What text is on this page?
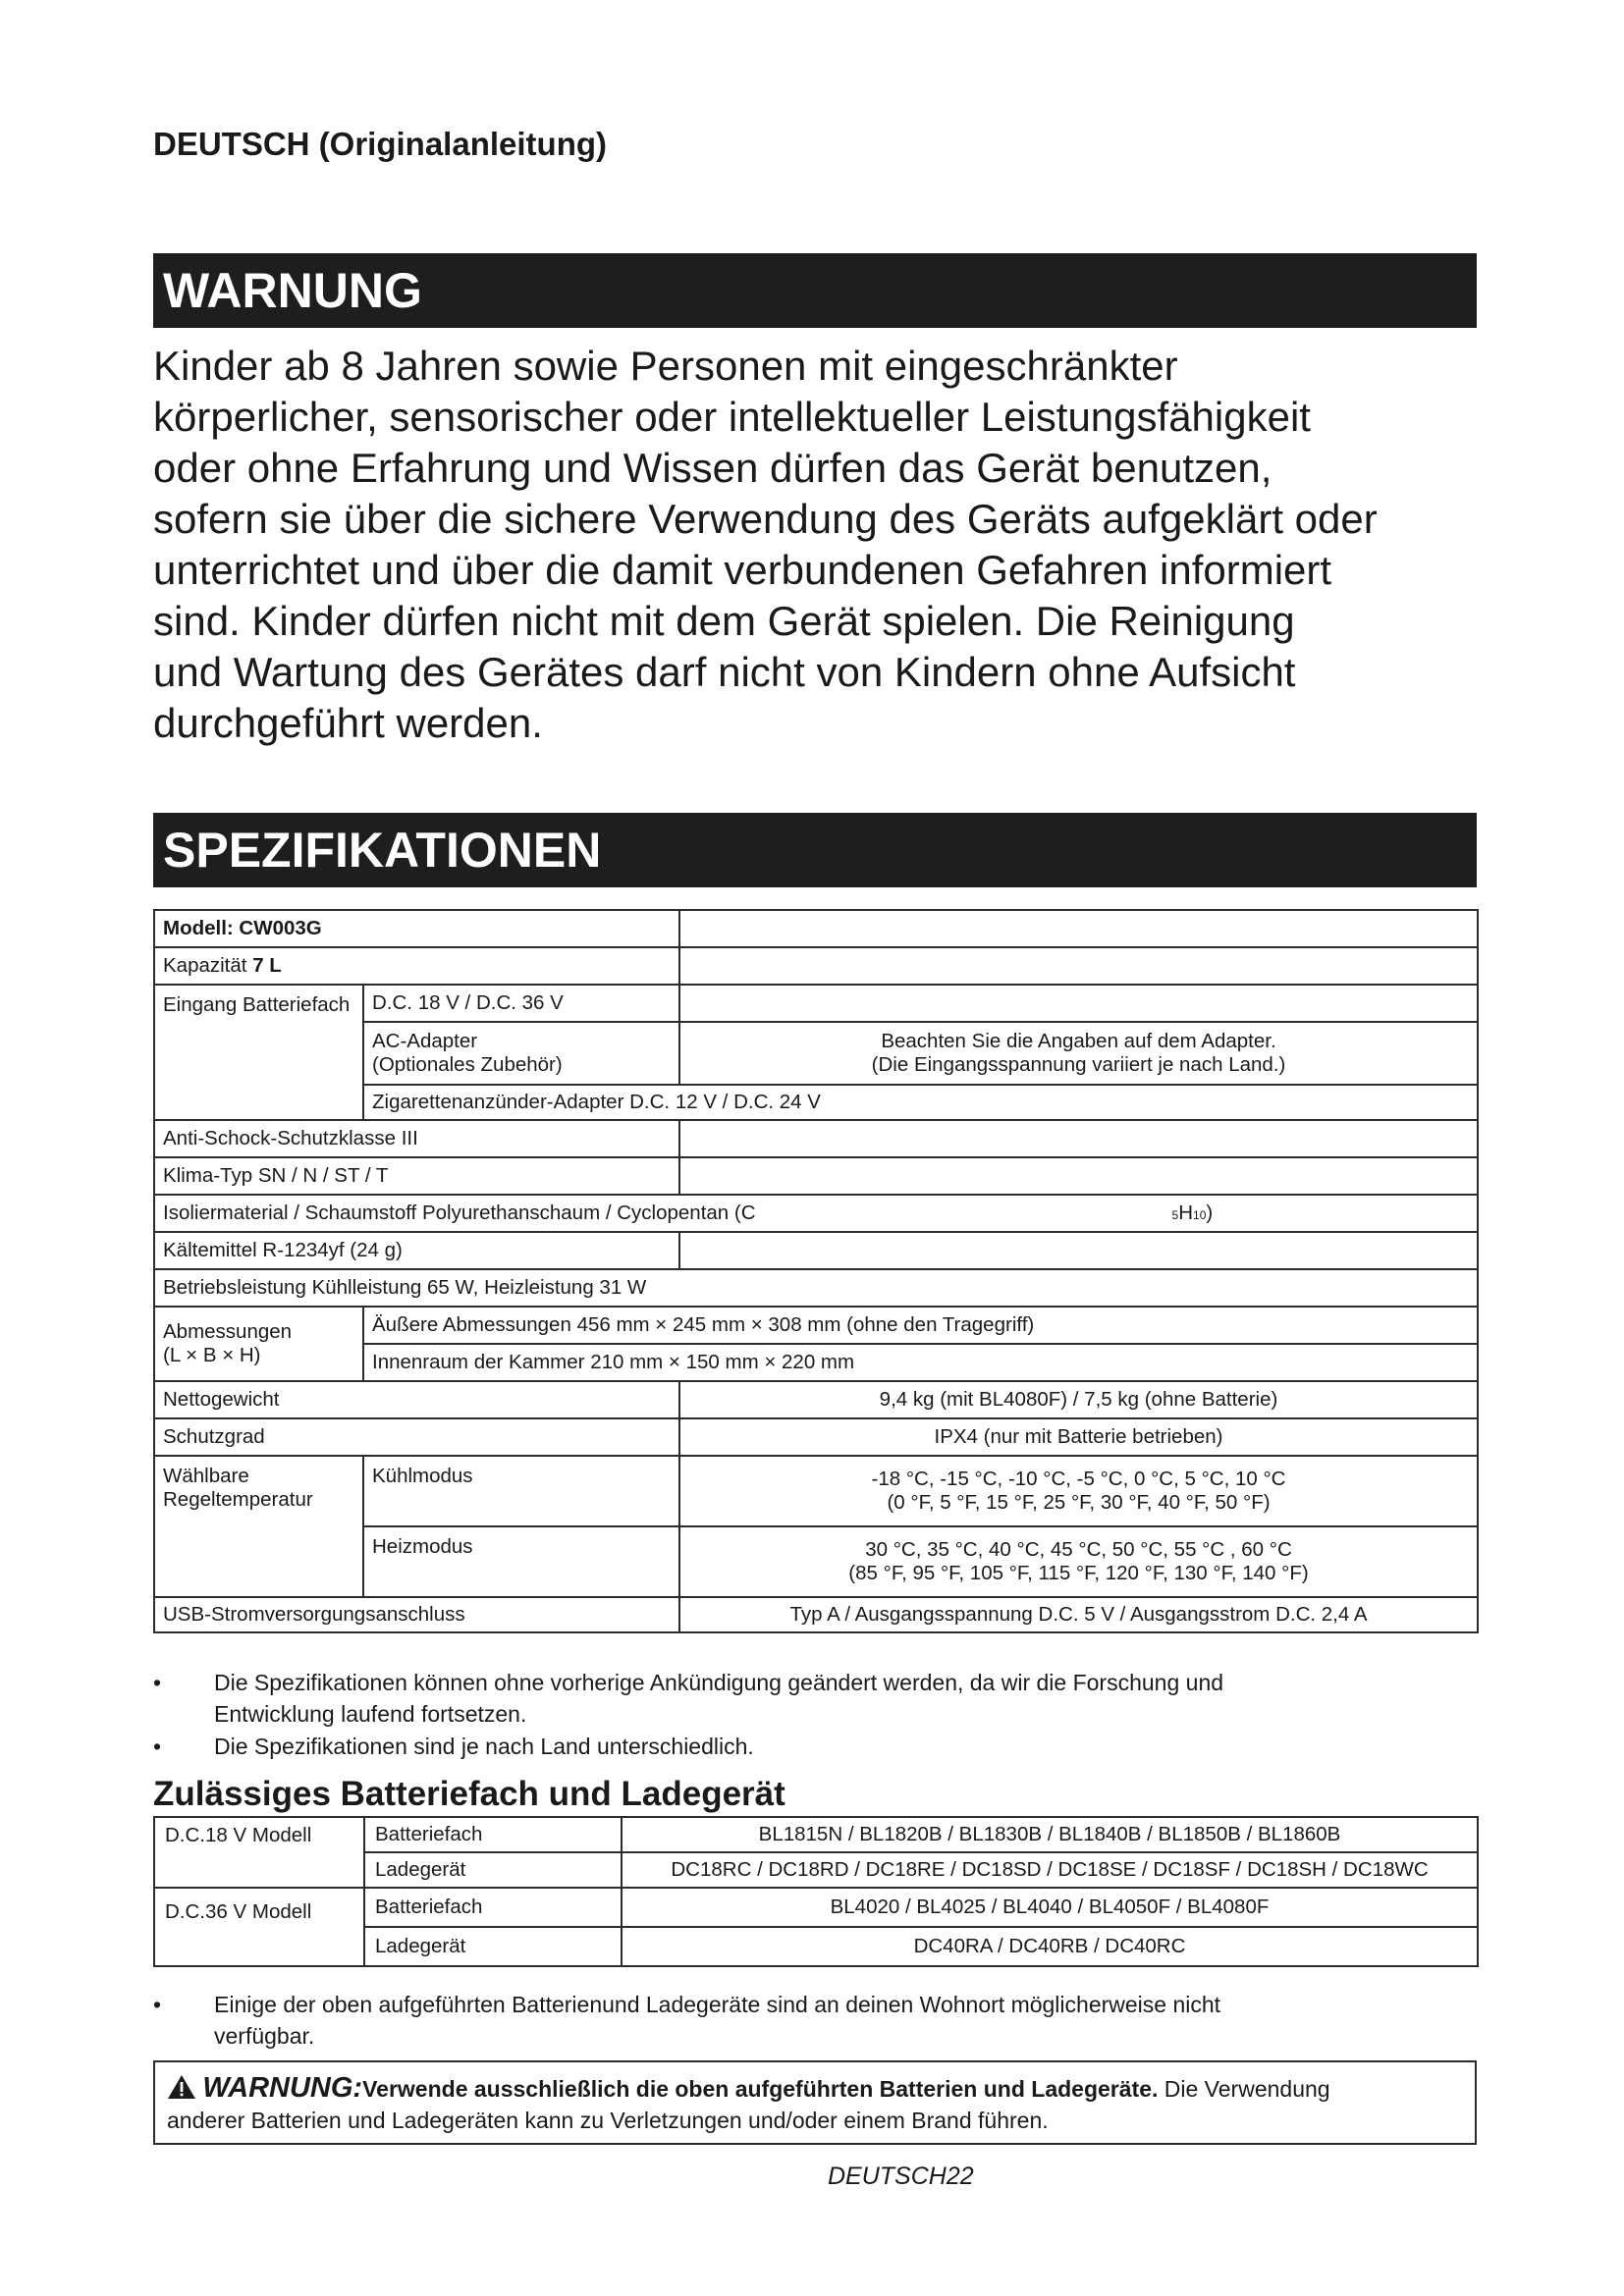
DEUTSCH (Originalanleitung)
WARNUNG

Kinder ab 8 Jahren sowie Personen mit eingeschränkter

körperlicher, sensorischer oder intellektueller Leistungsfähigkeit

oder ohne Erfahrung und Wissen dürfen das Gerät benutzen,

sofern sie über die sichere Verwendung des Geräts aufgeklärt oder

unterrichtet und über die damit verbundenen Gefahren informiert

sind. Kinder dürfen nicht mit dem Gerät spielen. Die Reinigung

und Wartung des Gerätes darf nicht von Kindern ohne Aufsicht

durchgeführt werden.

SPEZIFIKATIONEN
Modell: CW003G		
Kapazität 7 L		
Eingang Batteriefach	D.C. 18 V / D.C. 36 V	
	AC-Adapter
(Optionales Zubehör)	Beachten Sie die Angaben auf dem Adapter.
(Die Eingangsspannung variiert je nach Land.)
	Zigarettenanzünder-Adapter D.C. 12 V / D.C. 24 V	
Anti-Schock-Schutzklasse III		
Klima-Typ SN / N / ST / T		
Isoliermaterial / Schaumstoff Polyurethanschaum / Cyclopentan (C 5H10)		
Kältemittel R-1234yf (24 g)		
Betriebsleistung Kühlleistung 65 W, Heizleistung 31 W		
Abmessungen
(L × B × H)	Äußere Abmessungen 456 mm × 245 mm × 308 mm (ohne den Tragegriff)	
	Innenraum der Kammer 210 mm × 150 mm × 220 mm	
Nettogewicht		9,4 kg (mit BL4080F) / 7,5 kg (ohne Batterie)
Schutzgrad		IPX4 (nur mit Batterie betrieben)
Wählbare
Regeltemperatur	Kühlmodus	-18 °C, -15 °C, -10 °C, -5 °C, 0 °C, 5 °C, 10 °C
(0 °F, 5 °F, 15 °F, 25 °F, 30 °F, 40 °F, 50 °F)
	Heizmodus	30 °C, 35 °C, 40 °C, 45 °C, 50 °C, 55 °C , 60 °C
(85 °F, 95 °F, 105 °F, 115 °F, 120 °F, 130 °F, 140 °F)
USB-Stromversorgungsanschluss		Typ A / Ausgangsspannung D.C. 5 V / Ausgangsstrom D.C. 2,4 A
• Die Spezifikationen können ohne vorherige Ankündigung geändert werden, da wir die Forschung und
Entwicklung laufend fortsetzen.
• Die Spezifikationen sind je nach Land unterschiedlich.
Zulässiges Batteriefach und Ladegerät
D.C.18 V Modell	Batteriefach	BL1815N / BL1820B / BL1830B / BL1840B / BL1850B / BL1860B
	Ladegerät	DC18RC / DC18RD / DC18RE / DC18SD / DC18SE / DC18SF / DC18SH / DC18WC
D.C.36 V Modell	Batteriefach	BL4020 / BL4025 / BL4040 / BL4050F / BL4080F
	Ladegerät	DC40RA / DC40RB / DC40RC
• Einige der oben aufgeführten Batterienund Ladegeräte sind an deinen Wohnort möglicherweise nicht
verfügbar.
WARNUNG:Verwende ausschließlich die oben aufgeführten Batterien und Ladegeräte. Die Verwendung
anderer Batterien und Ladegeräten kann zu Verletzungen und/oder einem Brand führen.
DEUTSCH22
